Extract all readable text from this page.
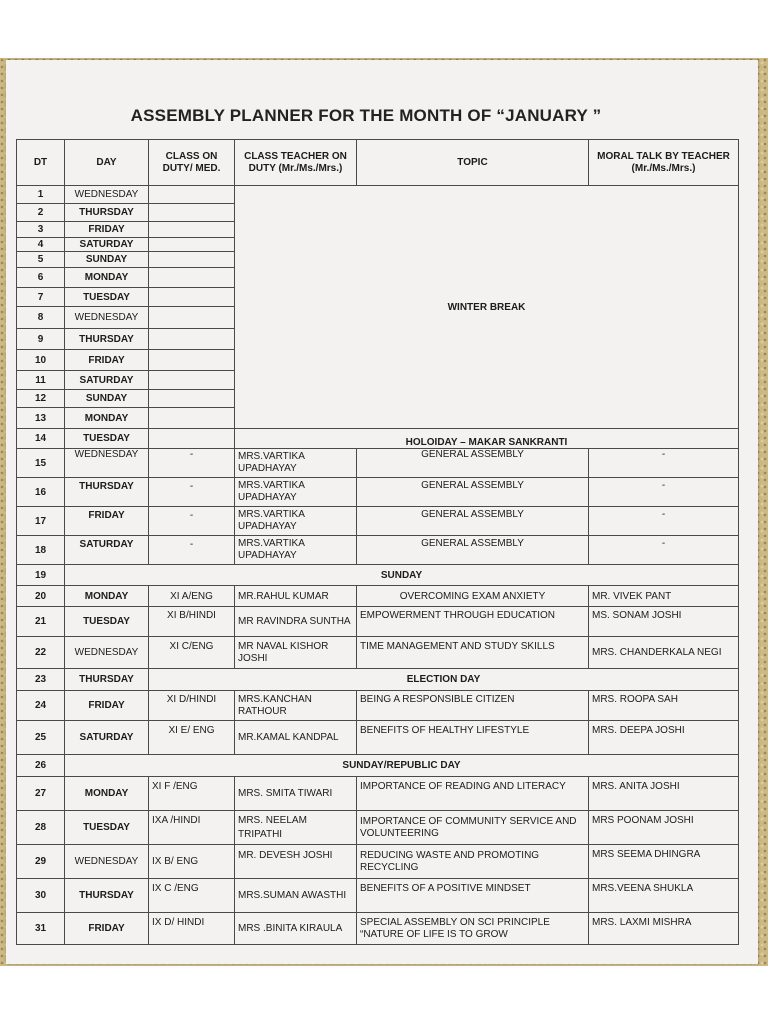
ASSEMBLY PLANNER FOR THE MONTH OF “JANUARY ”
DT	DAY	CLASS ON DUTY/ MED.	CLASS TEACHER ON DUTY (Mr./Ms./Mrs.)	TOPIC	MORAL TALK BY TEACHER (Mr./Ms./Mrs.)
1	WEDNESDAY		WINTER BREAK		
2	THURSDAY				
3	FRIDAY				
4	SATURDAY				
5	SUNDAY				
6	MONDAY				
7	TUESDAY				
8	WEDNESDAY				
9	THURSDAY				
10	FRIDAY				
11	SATURDAY				
12	SUNDAY				
13	MONDAY				
14	TUESDAY		HOLOIDAY – MAKAR SANKRANTI		
15	WEDNESDAY	-	MRS.VARTIKA UPADHAYAY	GENERAL ASSEMBLY	-
16	THURSDAY	-	MRS.VARTIKA UPADHAYAY	GENERAL ASSEMBLY	-
17	FRIDAY	-	MRS.VARTIKA UPADHAYAY	GENERAL ASSEMBLY	-
18	SATURDAY	-	MRS.VARTIKA UPADHAYAY	GENERAL ASSEMBLY	-
19	SUNDAY				
20	MONDAY	XI A/ENG	MR.RAHUL KUMAR	OVERCOMING EXAM ANXIETY	MR. VIVEK PANT
21	TUESDAY	XI B/HINDI	MR RAVINDRA SUNTHA	EMPOWERMENT THROUGH EDUCATION	MS. SONAM JOSHI
22	WEDNESDAY	XI C/ENG	MR NAVAL KISHOR JOSHI	TIME MANAGEMENT AND STUDY SKILLS	MRS. CHANDERKALA NEGI
23	THURSDAY	ELECTION DAY			
24	FRIDAY	XI D/HINDI	MRS.KANCHAN RATHOUR	BEING A RESPONSIBLE CITIZEN	MRS. ROOPA SAH
25	SATURDAY	XI E/ ENG	MR.KAMAL KANDPAL	BENEFITS OF HEALTHY LIFESTYLE	MRS. DEEPA JOSHI
26	SUNDAY/REPUBLIC DAY				
27	MONDAY	XI F /ENG	MRS. SMITA TIWARI	IMPORTANCE OF READING AND LITERACY	MRS. ANITA JOSHI
28	TUESDAY	IXA /HINDI	MRS. NEELAM TRIPATHI	IMPORTANCE OF COMMUNITY SERVICE AND VOLUNTEERING	MRS POONAM JOSHI
29	WEDNESDAY	IX B/ ENG	MR. DEVESH JOSHI	REDUCING WASTE AND PROMOTING RECYCLING	MRS SEEMA DHINGRA
30	THURSDAY	IX C /ENG	MRS.SUMAN AWASTHI	BENEFITS OF A POSITIVE MINDSET	MRS.VEENA SHUKLA
31	FRIDAY	IX D/ HINDI	MRS .BINITA KIRAULA	SPECIAL ASSEMBLY ON SCI PRINCIPLE “NATURE OF LIFE IS TO GROW	MRS. LAXMI MISHRA
